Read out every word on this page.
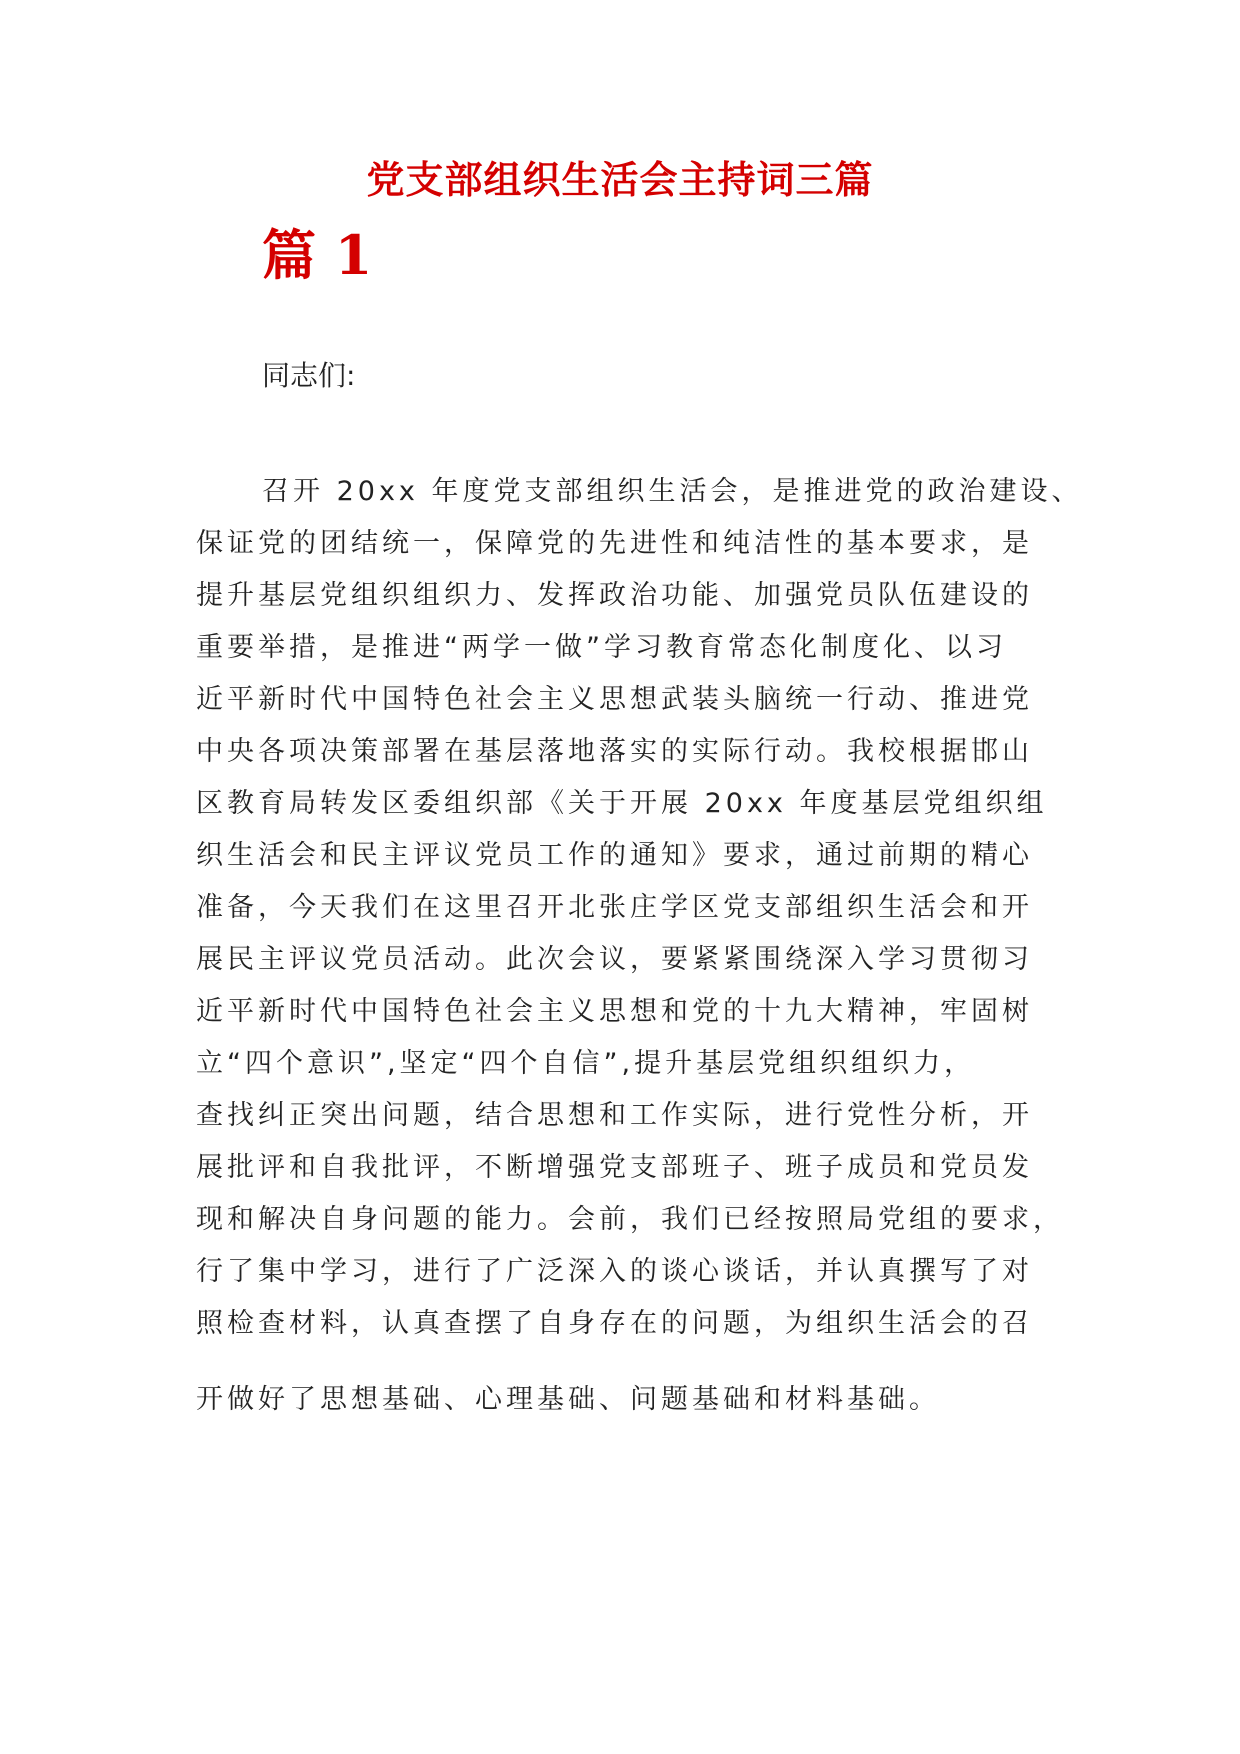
党支部组织生活会主持词三篇
篇 1
同志们:
召开 20xx 年度党支部组织生活会，是推进党的政治建设、
保证党的团结统一，保障党的先进性和纯洁性的基本要求，是
提升基层党组织组织力、发挥政治功能、加强党员队伍建设的
重要举措，是推进“两学一做”学习教育常态化制度化、以习
近平新时代中国特色社会主义思想武装头脑统一行动、推进党
中央各项决策部署在基层落地落实的实际行动。我校根据邯山
区教育局转发区委组织部《关于开展 20xx 年度基层党组织组
织生活会和民主评议党员工作的通知》要求，通过前期的精心
准备，今天我们在这里召开北张庄学区党支部组织生活会和开
展民主评议党员活动。此次会议，要紧紧围绕深入学习贯彻习
近平新时代中国特色社会主义思想和党的十九大精神，牢固树
立“四个意识”,坚定“四个自信”,提升基层党组织组织力，
查找纠正突出问题，结合思想和工作实际，进行党性分析，开
展批评和自我批评，不断增强党支部班子、班子成员和党员发
现和解决自身问题的能力。会前，我们已经按照局党组的要求，
行了集中学习，进行了广泛深入的谈心谈话，并认真撰写了对
照检查材料，认真查摆了自身存在的问题，为组织生活会的召
开做好了思想基础、心理基础、问题基础和材料基础。
